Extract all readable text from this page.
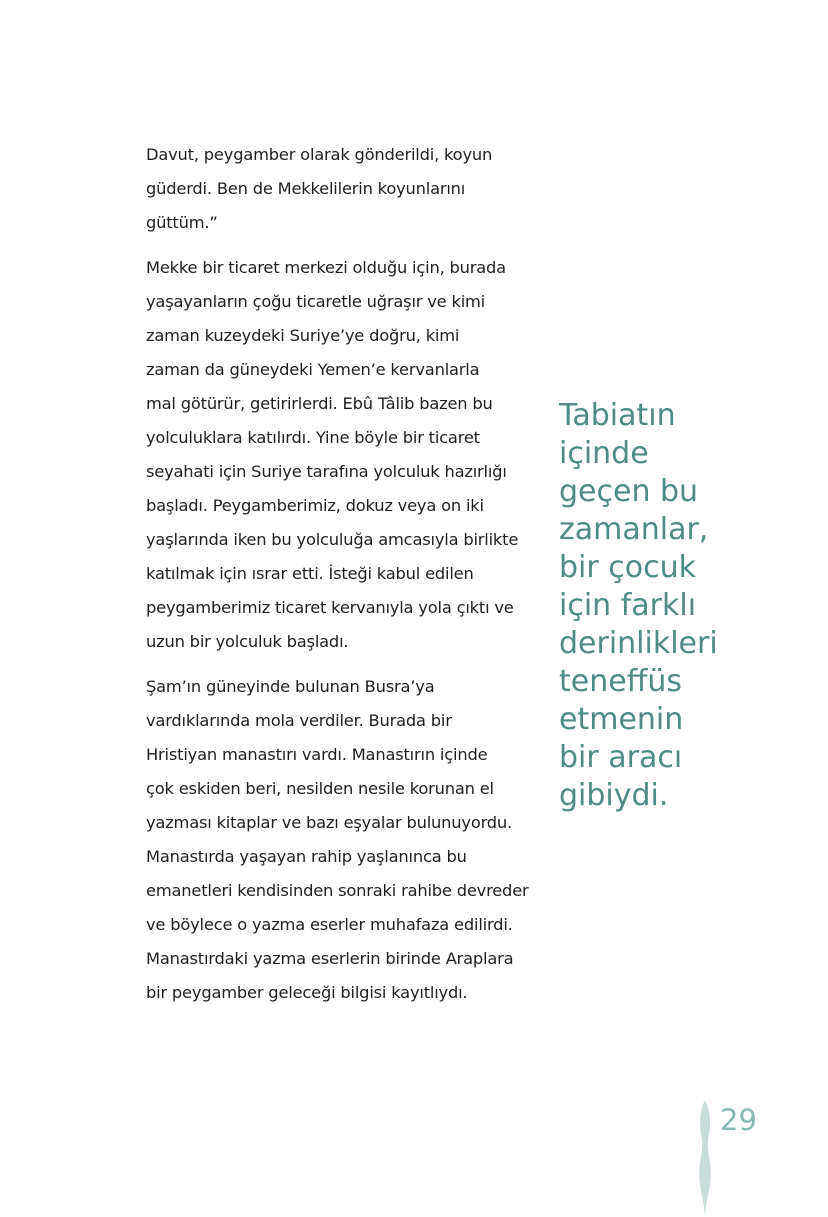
Davut, peygamber olarak gönderildi, koyun
güderdi. Ben de Mekkelilerin koyunlarını
güttüm.”

Mekke bir ticaret merkezi olduğu için, burada
yaşayanların çoğu ticaretle uğraşır ve kimi
zaman kuzeydeki Suriye’ye doğru, kimi
zaman da güneydeki Yemen’e kervanlarla
mal götürür, getirirlerdi. Ebû Tâlib bazen bu
yolculuklara katılırdı. Yine böyle bir ticaret
seyahati için Suriye tarafına yolculuk hazırlığı
başladı. Peygamberimiz, dokuz veya on iki
yaşlarında iken bu yolculuğa amcasıyla birlikte
katılmak için ısrar etti. İsteği kabul edilen
peygamberimiz ticaret kervanıyla yola çıktı ve
uzun bir yolculuk başladı.

Şam’ın güneyinde bulunan Busra’ya
vardıklarında mola verdiler. Burada bir
Hristiyan manastırı vardı. Manastırın içinde
çok eskiden beri, nesilden nesile korunan el
yazması kitaplar ve bazı eşyalar bulunuyordu.
Manastırda yaşayan rahip yaşlanınca bu
emanetleri kendisinden sonraki rahibe devreder
ve böylece o yazma eserler muhafaza edilirdi.
Manastırdaki yazma eserlerin birinde Araplara
bir peygamber geleceği bilgisi kayıtlıydı.

Tabiatın
içinde
geçen bu
zamanlar,
bir çocuk
için farklı
derinlikleri
teneffüs
etmenin
bir aracı
gibiydi.
29
